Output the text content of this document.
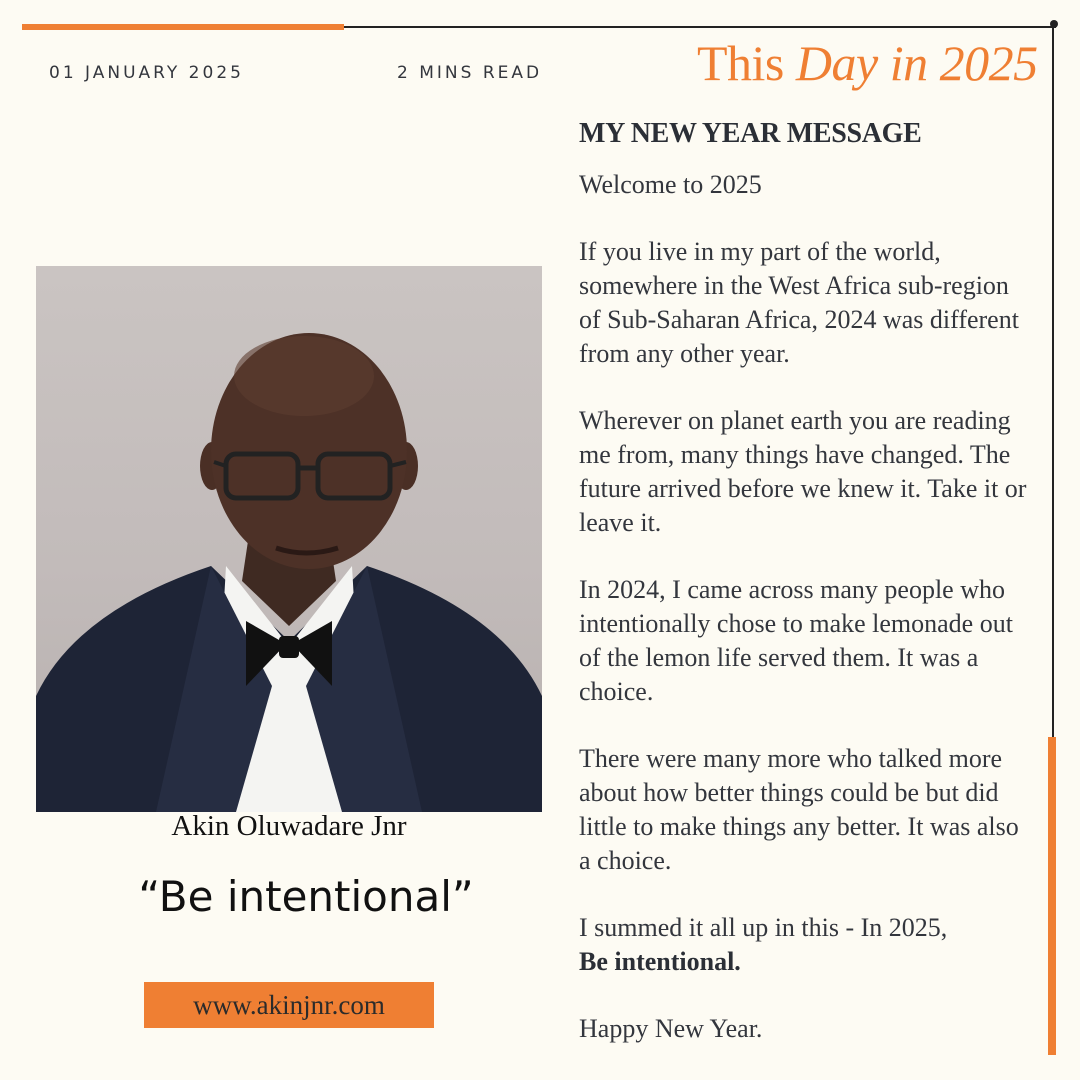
01 JANUARY 2025	2 MINS READ	This Day in 2025
Akin Oluwadare Jnr
“Be intentional”
www.akinjnr.com
MY NEW YEAR MESSAGE

Welcome to 2025

If you live in my part of the world, somewhere in the West Africa sub-region of Sub-Saharan Africa, 2024 was different from any other year.

Wherever on planet earth you are reading me from, many things have changed. The future arrived before we knew it. Take it or leave it.

In 2024, I came across many people who intentionally chose to make lemonade out of the lemon life served them. It was a choice.

There were many more who talked more about how better things could be but did little to make things any better. It was also a choice.

I summed it all up in this - In 2025,
Be intentional.

Happy New Year.
